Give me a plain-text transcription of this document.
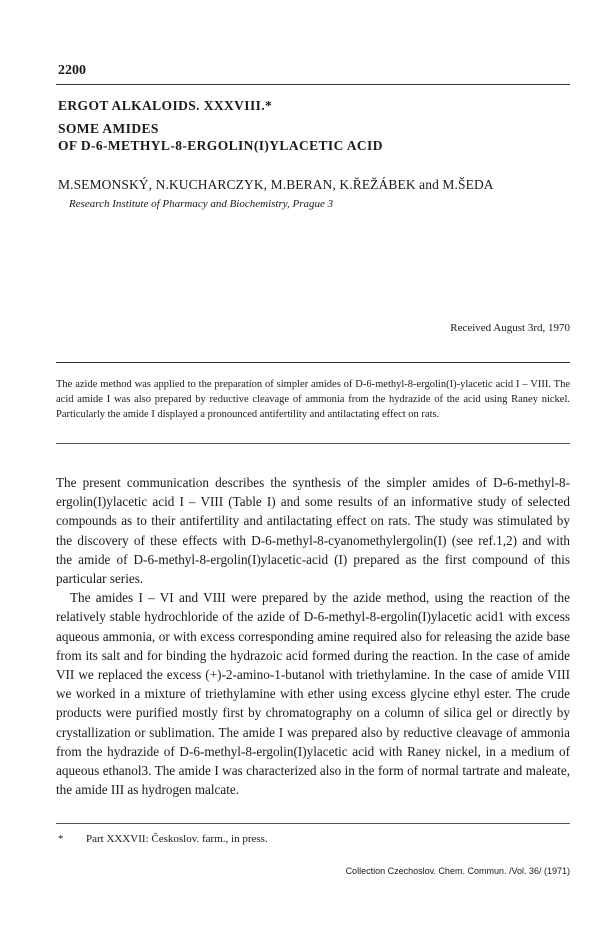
2200
ERGOT ALKALOIDS. XXXVIII.*
SOME AMIDES
OF D-6-METHYL-8-ERGOLIN(I)YLACETIC ACID
M.SEMONSKÝ, N.KUCHARCZYK, M.BERAN, K.ŘEŽÁBEK and M.ŠEDA
Research Institute of Pharmacy and Biochemistry, Prague 3
Received August 3rd, 1970
The azide method was applied to the preparation of simpler amides of D-6-methyl-8-ergolin(I)-ylacetic acid I – VIII. The acid amide I was also prepared by reductive cleavage of ammonia from the hydrazide of the acid using Raney nickel. Particularly the amide I displayed a pronounced antifertility and antilactating effect on rats.

The present communication describes the synthesis of the simpler amides of D-6-methyl-8-ergolin(I)ylacetic acid I – VIII (Table I) and some results of an informative study of selected compounds as to their antifertility and antilactating effect on rats. The study was stimulated by the discovery of these effects with D-6-methyl-8-cyanomethylergolin(I) (see ref.1,2) and with the amide of D-6-methyl-8-ergolin(I)ylacetic-acid (I) prepared as the first compound of this particular series.

The amides I – VI and VIII were prepared by the azide method, using the reaction of the relatively stable hydrochloride of the azide of D-6-methyl-8-ergolin(I)ylacetic acid1 with excess aqueous ammonia, or with excess corresponding amine required also for releasing the azide base from its salt and for binding the hydrazoic acid formed during the reaction. In the case of amide VII we replaced the excess (+)-2-amino-1-butanol with triethylamine. In the case of amide VIII we worked in a mixture of triethylamine with ether using excess glycine ethyl ester. The crude products were purified mostly first by chromatography on a column of silica gel or directly by crystallization or sublimation. The amide I was prepared also by reductive cleavage of ammonia from the hydrazide of D-6-methyl-8-ergolin(I)ylacetic acid with Raney nickel, in a medium of aqueous ethanol3. The amide I was characterized also in the form of normal tartrate and maleate, the amide III as hydrogen malcate.

* Part XXXVII: Českoslov. farm., in press.
Collection Czechoslov. Chem. Commun. /Vol. 36/ (1971)
